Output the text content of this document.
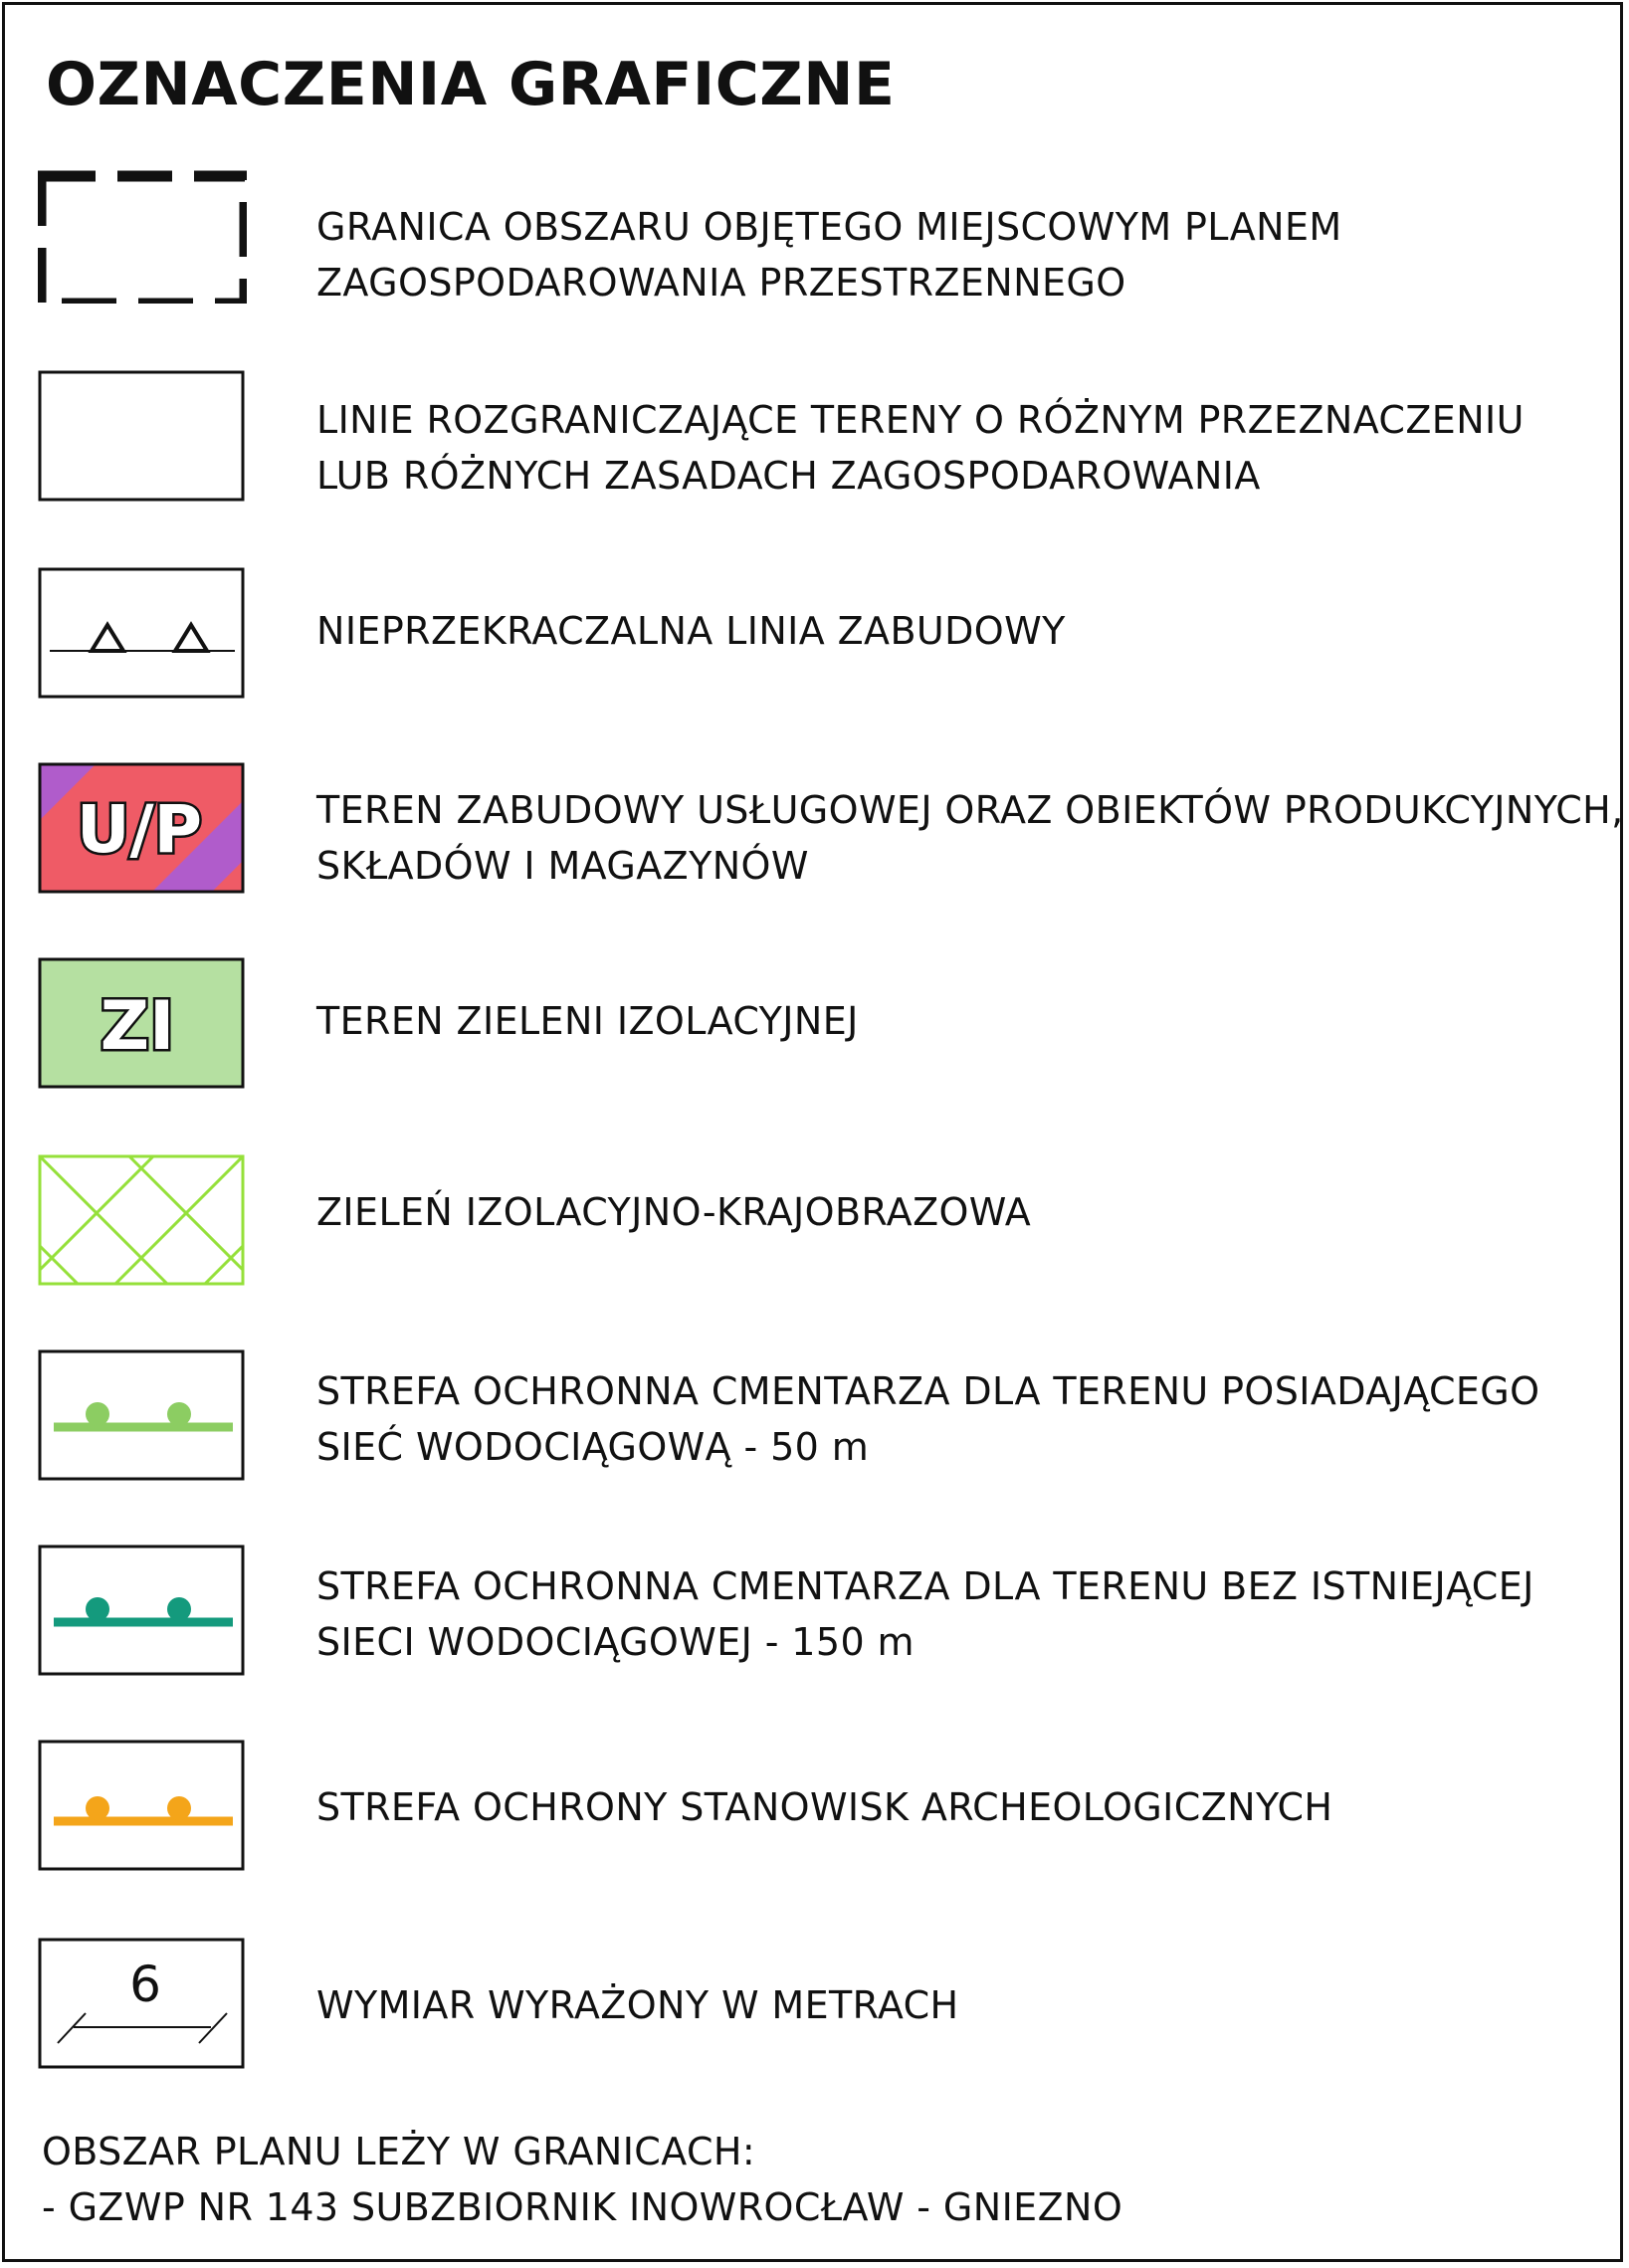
OZNACZENIA GRAFICZNE
GRANICA OBSZARU OBJĘTEGO MIEJSCOWYM PLANEM
ZAGOSPODAROWANIA PRZESTRZENNEGO
LINIE ROZGRANICZAJĄCE TERENY O RÓŻNYM PRZEZNACZENIU
LUB RÓŻNYCH ZASADACH ZAGOSPODAROWANIA
NIEPRZEKRACZALNA LINIA ZABUDOWY
U/P	TEREN ZABUDOWY USŁUGOWEJ ORAZ OBIEKTÓW PRODUKCYJNYCH,
SKŁADÓW I MAGAZYNÓW
ZI	TEREN ZIELENI IZOLACYJNEJ
ZIELEŃ IZOLACYJNO-KRAJOBRAZOWA
STREFA OCHRONNA CMENTARZA DLA TERENU POSIADAJĄCEGO
SIEĆ WODOCIĄGOWĄ - 50 m
STREFA OCHRONNA CMENTARZA DLA TERENU BEZ ISTNIEJĄCEJ
SIECI WODOCIĄGOWEJ - 150 m
STREFA OCHRONY STANOWISK ARCHEOLOGICZNYCH
6	WYMIAR WYRAŻONY W METRACH
OBSZAR PLANU LEŻY W GRANICACH:
- GZWP NR 143 SUBZBIORNIK INOWROCŁAW - GNIEZNO
